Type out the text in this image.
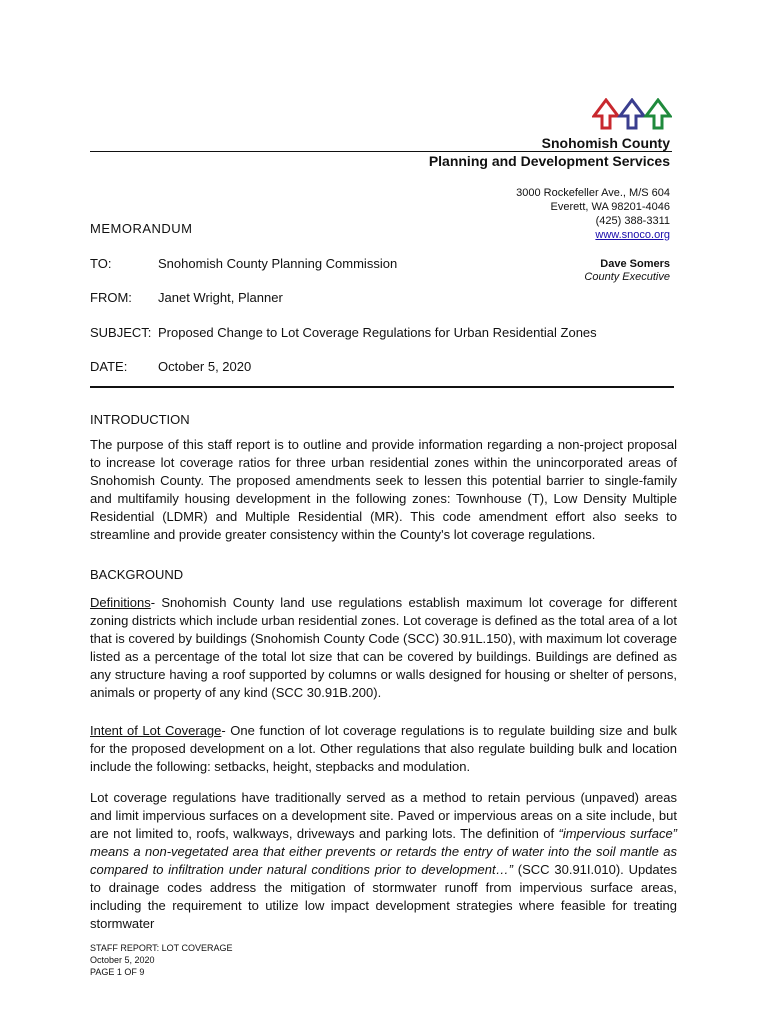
Snohomish County
Planning and Development Services
3000 Rockefeller Ave., M/S 604
Everett, WA 98201-4046
(425) 388-3311
www.snoco.org
MEMORANDUM
Dave Somers
County Executive
TO:	Snohomish County Planning Commission
FROM: Janet Wright, Planner
SUBJECT: Proposed Change to Lot Coverage Regulations for Urban Residential Zones
DATE: October 5, 2020
INTRODUCTION
The purpose of this staff report is to outline and provide information regarding a non-project proposal to increase lot coverage ratios for three urban residential zones within the unincorporated areas of Snohomish County. The proposed amendments seek to lessen this potential barrier to single-family and multifamily housing development in the following zones: Townhouse (T), Low Density Multiple Residential (LDMR) and Multiple Residential (MR). This code amendment effort also seeks to streamline and provide greater consistency within the County's lot coverage regulations.
BACKGROUND
Definitions- Snohomish County land use regulations establish maximum lot coverage for different zoning districts which include urban residential zones. Lot coverage is defined as the total area of a lot that is covered by buildings (Snohomish County Code (SCC) 30.91L.150), with maximum lot coverage listed as a percentage of the total lot size that can be covered by buildings. Buildings are defined as any structure having a roof supported by columns or walls designed for housing or shelter of persons, animals or property of any kind (SCC 30.91B.200).
Intent of Lot Coverage- One function of lot coverage regulations is to regulate building size and bulk for the proposed development on a lot. Other regulations that also regulate building bulk and location include the following: setbacks, height, stepbacks and modulation.
Lot coverage regulations have traditionally served as a method to retain pervious (unpaved) areas and limit impervious surfaces on a development site. Paved or impervious areas on a site include, but are not limited to, roofs, walkways, driveways and parking lots. The definition of “impervious surface” means a non-vegetated area that either prevents or retards the entry of water into the soil mantle as compared to infiltration under natural conditions prior to development…” (SCC 30.91I.010). Updates to drainage codes address the mitigation of stormwater runoff from impervious surface areas, including the requirement to utilize low impact development strategies where feasible for treating stormwater
STAFF REPORT: LOT COVERAGE
October 5, 2020
PAGE 1 OF 9
